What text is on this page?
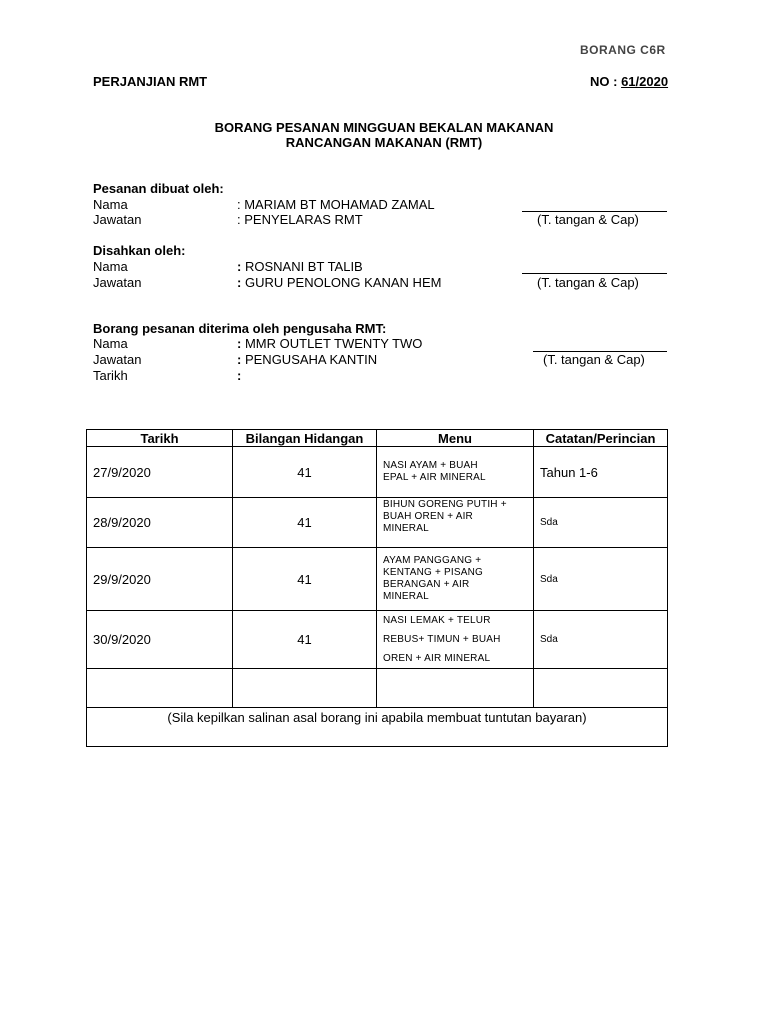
BORANG C6R
PERJANJIAN RMT	NO : 61/2020
BORANG PESANAN MINGGUAN BEKALAN MAKANAN
RANCANGAN MAKANAN (RMT)
Pesanan dibuat oleh:
Nama	: MARIAM BT MOHAMAD ZAMAL
Jawatan	: PENYELARAS RMT	(T. tangan & Cap)
Disahkan oleh:
Nama	: ROSNANI BT TALIB
Jawatan	: GURU PENOLONG KANAN HEM	(T. tangan & Cap)
Borang pesanan diterima oleh pengusaha RMT:
Nama	: MMR OUTLET TWENTY TWO
Jawatan	: PENGUSAHA KANTIN
Tarikh	:
(T. tangan & Cap)
Tarikh	Bilangan Hidangan	Menu	Catatan/Perincian
27/9/2020	41	NASI AYAM + BUAH
EPAL + AIR MINERAL	Tahun 1-6
28/9/2020	41	BIHUN GORENG PUTIH +
BUAH OREN + AIR
MINERAL	Sda
29/9/2020	41	AYAM PANGGANG +
KENTANG + PISANG
BERANGAN + AIR
MINERAL	Sda
30/9/2020	41	NASI LEMAK + TELUR
REBUS+ TIMUN + BUAH
OREN + AIR MINERAL	Sda

(Sila kepilkan salinan asal borang ini apabila membuat tuntutan bayaran)			
